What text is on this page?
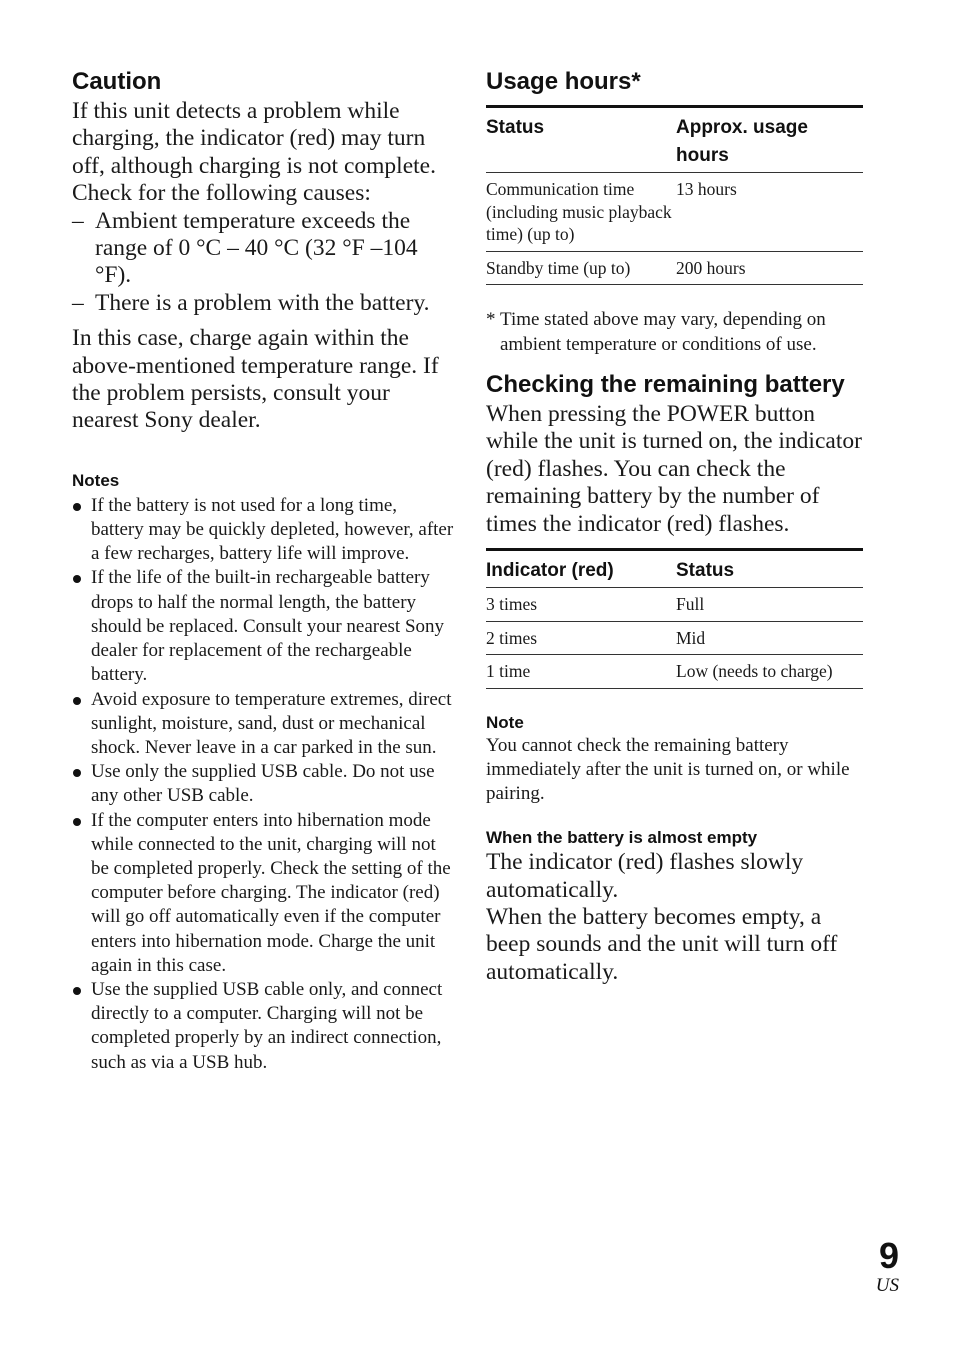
Caution

If this unit detects a problem while charging, the indicator (red) may turn off, although charging is not complete. Check for the following causes:

– Ambient temperature exceeds the range of 0 °C – 40 °C (32 °F –104 °F).
– There is a problem with the battery.

In this case, charge again within the above-mentioned temperature range. If the problem persists, consult your nearest Sony dealer.

Notes
If the battery is not used for a long time, battery may be quickly depleted, however, after a few recharges, battery life will improve.
If the life of the built-in rechargeable battery drops to half the normal length, the battery should be replaced. Consult your nearest Sony dealer for replacement of the rechargeable battery.
Avoid exposure to temperature extremes, direct sunlight, moisture, sand, dust or mechanical shock. Never leave in a car parked in the sun.
Use only the supplied USB cable. Do not use any other USB cable.
If the computer enters into hibernation mode while connected to the unit, charging will not be completed properly. Check the setting of the computer before charging. The indicator (red) will go off automatically even if the computer enters into hibernation mode. Charge the unit again in this case.
Use the supplied USB cable only, and connect directly to a computer. Charging will not be completed properly by an indirect connection, such as via a USB hub.
Usage hours*
Status	Approx. usage hours
Communication time (including music playback time) (up to)	13 hours
Standby time (up to)	200 hours

* Time stated above may vary, depending on ambient temperature or conditions of use.

Checking the remaining battery

When pressing the POWER button while the unit is turned on, the indicator (red) flashes. You can check the remaining battery by the number of times the indicator (red) flashes.

Indicator (red)	Status
3 times	Full
2 times	Mid
1 time	Low (needs to charge)
Note

You cannot check the remaining battery immediately after the unit is turned on, or while pairing.

When the battery is almost empty

The indicator (red) flashes slowly automatically.

When the battery becomes empty, a beep sounds and the unit will turn off automatically.

9
US
